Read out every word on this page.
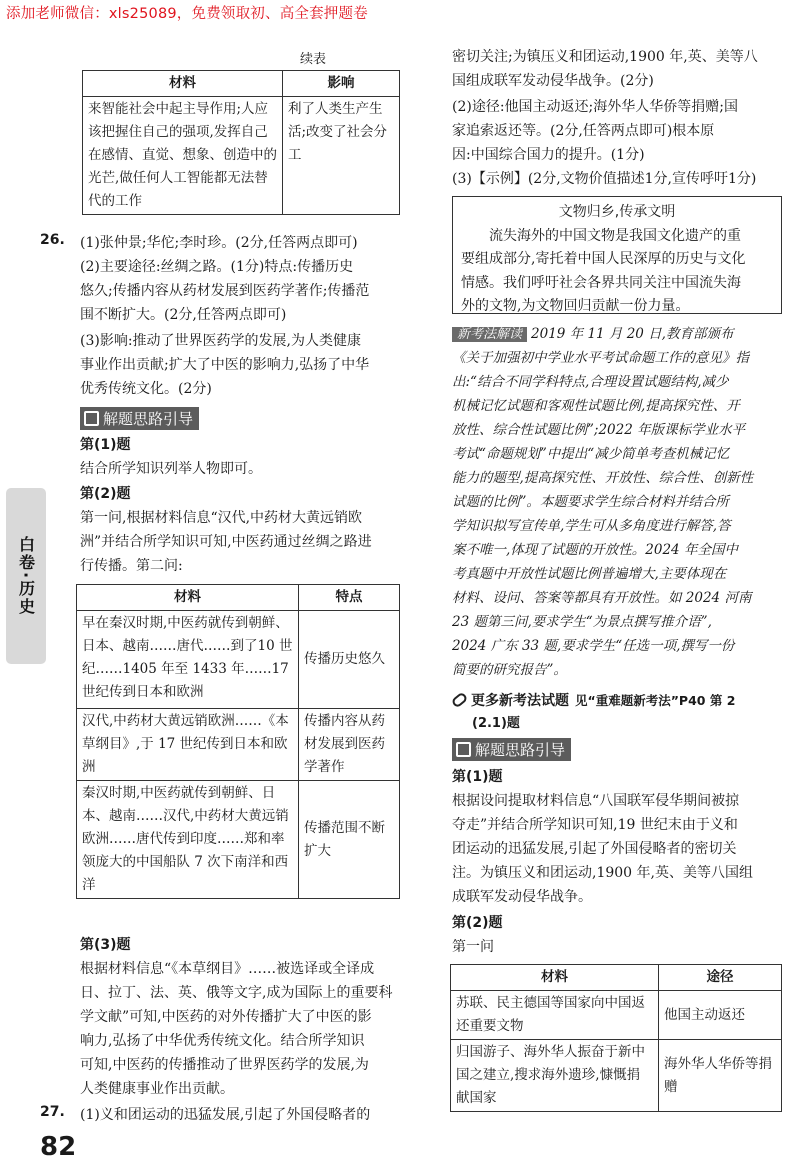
添加老师微信：xls25089，免费领取初、高全套押题卷
续表
材料	影响
来智能社会中起主导作用;人应该把握住自己的强项,发挥自己在感情、直觉、想象、创造中的光芒,做任何人工智能都无法替代的工作	利了人类生产生活;改变了社会分工
26. (1)张仲景;华佗;李时珍。(2分,任答两点即可)
(2)主要途径:丝绸之路。(1分)特点:传播历史
悠久;传播内容从药材发展到医药学著作;传播范
围不断扩大。(2分,任答两点即可)
(3)影响:推动了世界医药学的发展,为人类健康
事业作出贡献;扩大了中医的影响力,弘扬了中华
优秀传统文化。(2分)
解题思路引导
第(1)题
结合所学知识列举人物即可。
第(2)题
第一问,根据材料信息“汉代,中药材大黄远销欧
洲”并结合所学知识可知,中医药通过丝绸之路进
行传播。第二问:
材料	特点
早在秦汉时期,中医药就传到朝鲜、日本、越南……唐代……到了10 世纪……1405 年至 1433 年……17 世纪传到日本和欧洲	传播历史悠久
汉代,中药材大黄远销欧洲……《本草纲目》,于 17 世纪传到日本和欧洲	传播内容从药材发展到医药学著作
秦汉时期,中医药就传到朝鲜、日本、越南……汉代,中药材大黄远销欧洲……唐代传到印度……郑和率领庞大的中国船队 7 次下南洋和西洋	传播范围不断扩大
第(3)题
根据材料信息“《本草纲目》……被选译或全译成
日、拉丁、法、英、俄等文字,成为国际上的重要科
学文献”可知,中医药的对外传播扩大了中医的影
响力,弘扬了中华优秀传统文化。结合所学知识
可知,中医药的传播推动了世界医药学的发展,为
人类健康事业作出贡献。
27. (1)义和团运动的迅猛发展,引起了外国侵略者的
白卷·历史
82
密切关注;为镇压义和团运动,1900 年,英、美等八
国组成联军发动侵华战争。(2分)
(2)途径:他国主动返还;海外华人华侨等捐赠;国
家追索返还等。(2分,任答两点即可)根本原
因:中国综合国力的提升。(1分)
(3)【示例】(2分,文物价值描述1分,宣传呼吁1分)
文物归乡,传承文明
流失海外的中国文物是我国文化遗产的重
要组成部分,寄托着中国人民深厚的历史与文化
情感。我们呼吁社会各界共同关注中国流失海
外的文物,为文物回归贡献一份力量。
新考法解读 2019 年 11 月 20 日,教育部颁布
《关于加强初中学业水平考试命题工作的意见》指
出:“结合不同学科特点,合理设置试题结构,减少
机械记忆试题和客观性试题比例,提高探究性、开
放性、综合性试题比例”;2022 年版课标学业水平
考试“命题规划”中提出“减少简单考查机械记忆
能力的题型,提高探究性、开放性、综合性、创新性
试题的比例”。本题要求学生综合材料并结合所
学知识拟写宣传单,学生可从多角度进行解答,答
案不唯一,体现了试题的开放性。2024 年全国中
考真题中开放性试题比例普遍增大,主要体现在
材料、设问、答案等都具有开放性。如 2024 河南
23 题第三问,要求学生“为景点撰写推介语”,
2024 广东 33 题,要求学生“任选一项,撰写一份
简要的研究报告”。
更多新考法试题 见“重难题新考法”P40 第 2
(2.1)题
解题思路引导
第(1)题
根据设问提取材料信息“八国联军侵华期间被掠
夺走”并结合所学知识可知,19 世纪末由于义和
团运动的迅猛发展,引起了外国侵略者的密切关
注。为镇压义和团运动,1900 年,英、美等八国组
成联军发动侵华战争。
第(2)题
第一问
材料	途径
苏联、民主德国等国家向中国返还重要文物	他国主动返还
归国游子、海外华人振奋于新中国之建立,搜求海外遗珍,慷慨捐献国家	海外华人华侨等捐赠
